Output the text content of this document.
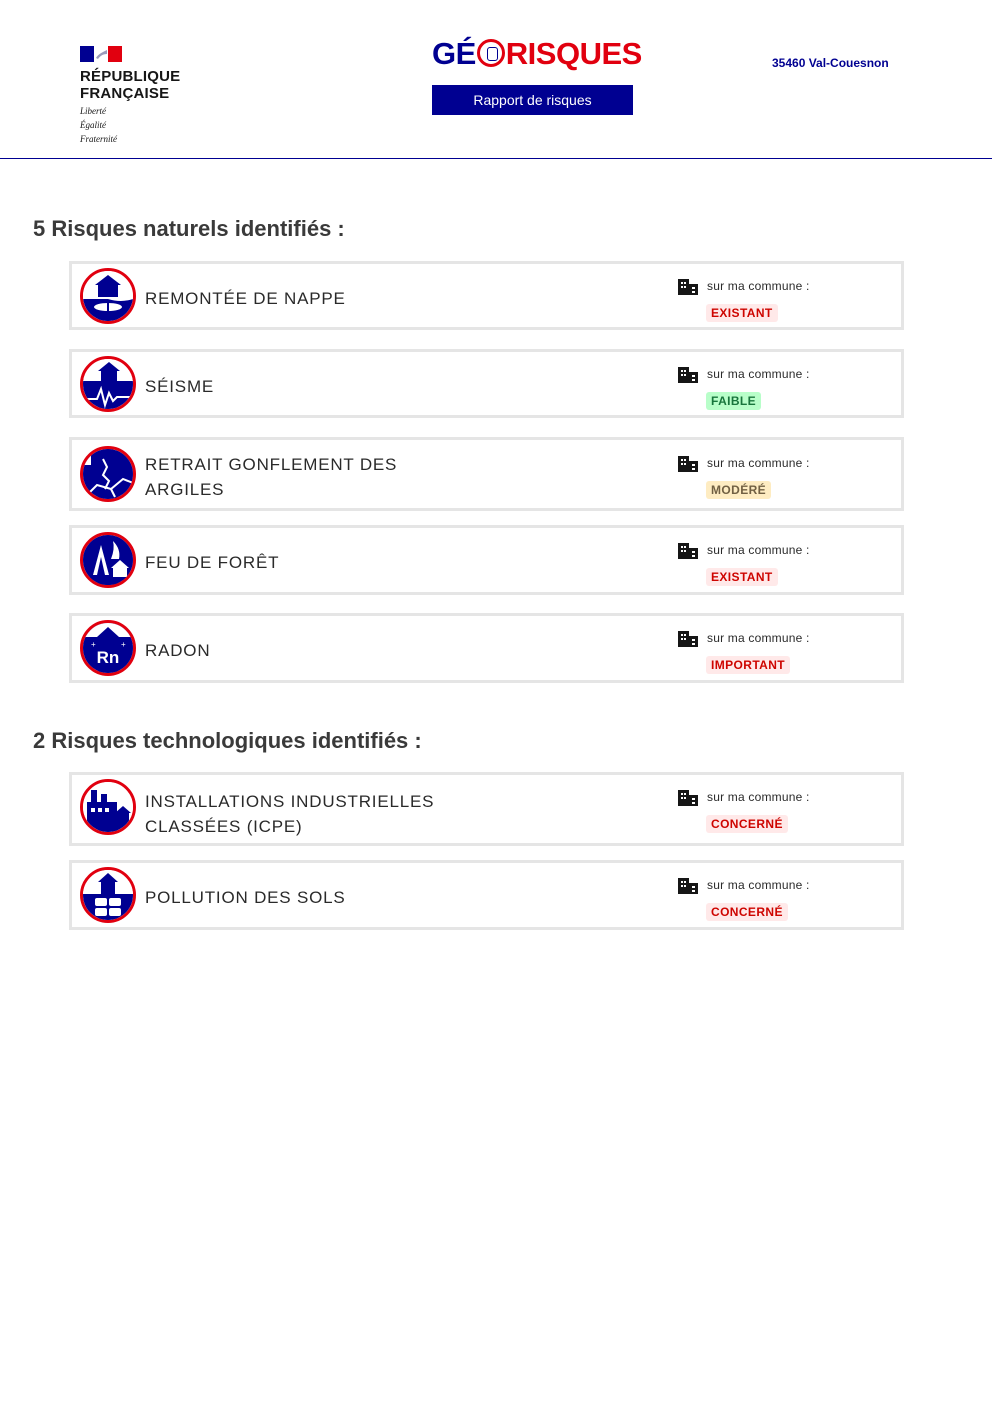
RÉPUBLIQUE
FRANÇAISE
Liberté
Égalité
Fraternité
GÉ RISQUES
Rapport de risques
35460 Val-Couesnon
5 Risques naturels identifiés :
REMONTÉE DE NAPPE
sur ma commune :
EXISTANT
SÉISME
sur ma commune :
FAIBLE
RETRAIT GONFLEMENT DES
ARGILES
sur ma commune :
MODÉRÉ
FEU DE FORÊT
sur ma commune :
EXISTANT
Rn
+	+ RADON
sur ma commune :
IMPORTANT
2 Risques technologiques identifiés :
INSTALLATIONS INDUSTRIELLES
CLASSÉES (ICPE)
sur ma commune :
CONCERNÉ
POLLUTION DES SOLS
sur ma commune :
CONCERNÉ
